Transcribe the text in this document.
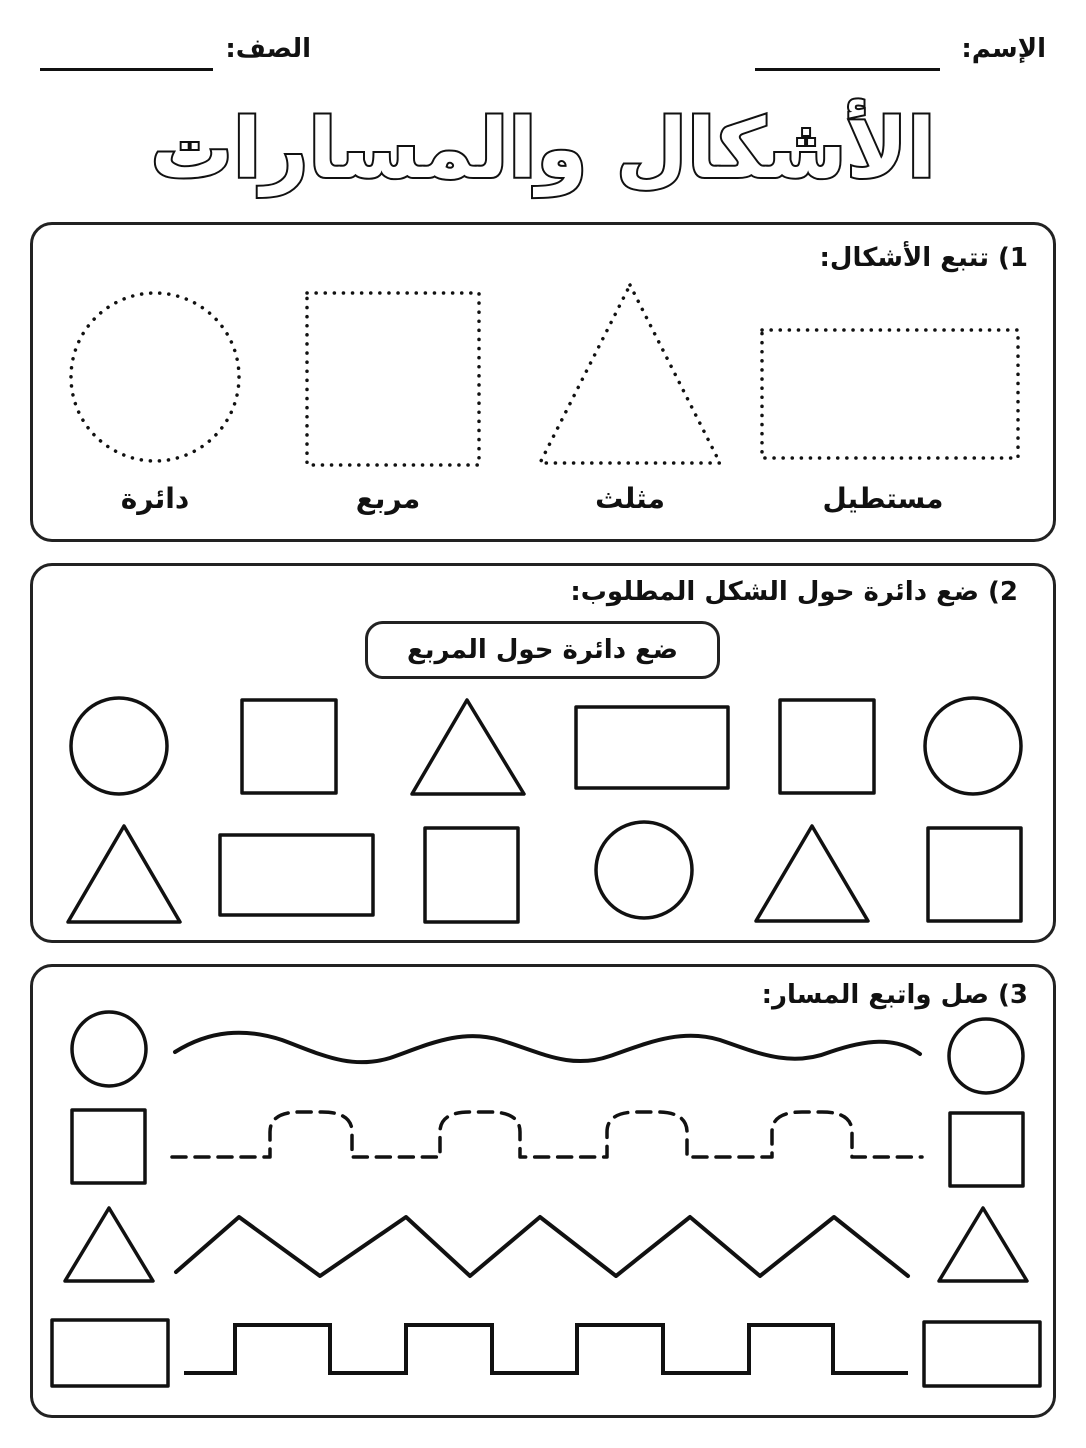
الإسم:
الصف:
الأشكال والمسارات
1) تتبع الأشكال:
مستطيل
مثلث
مربع
دائرة
2) ضع دائرة حول الشكل المطلوب:
ضع دائرة حول المربع
3) صل واتبع المسار:
